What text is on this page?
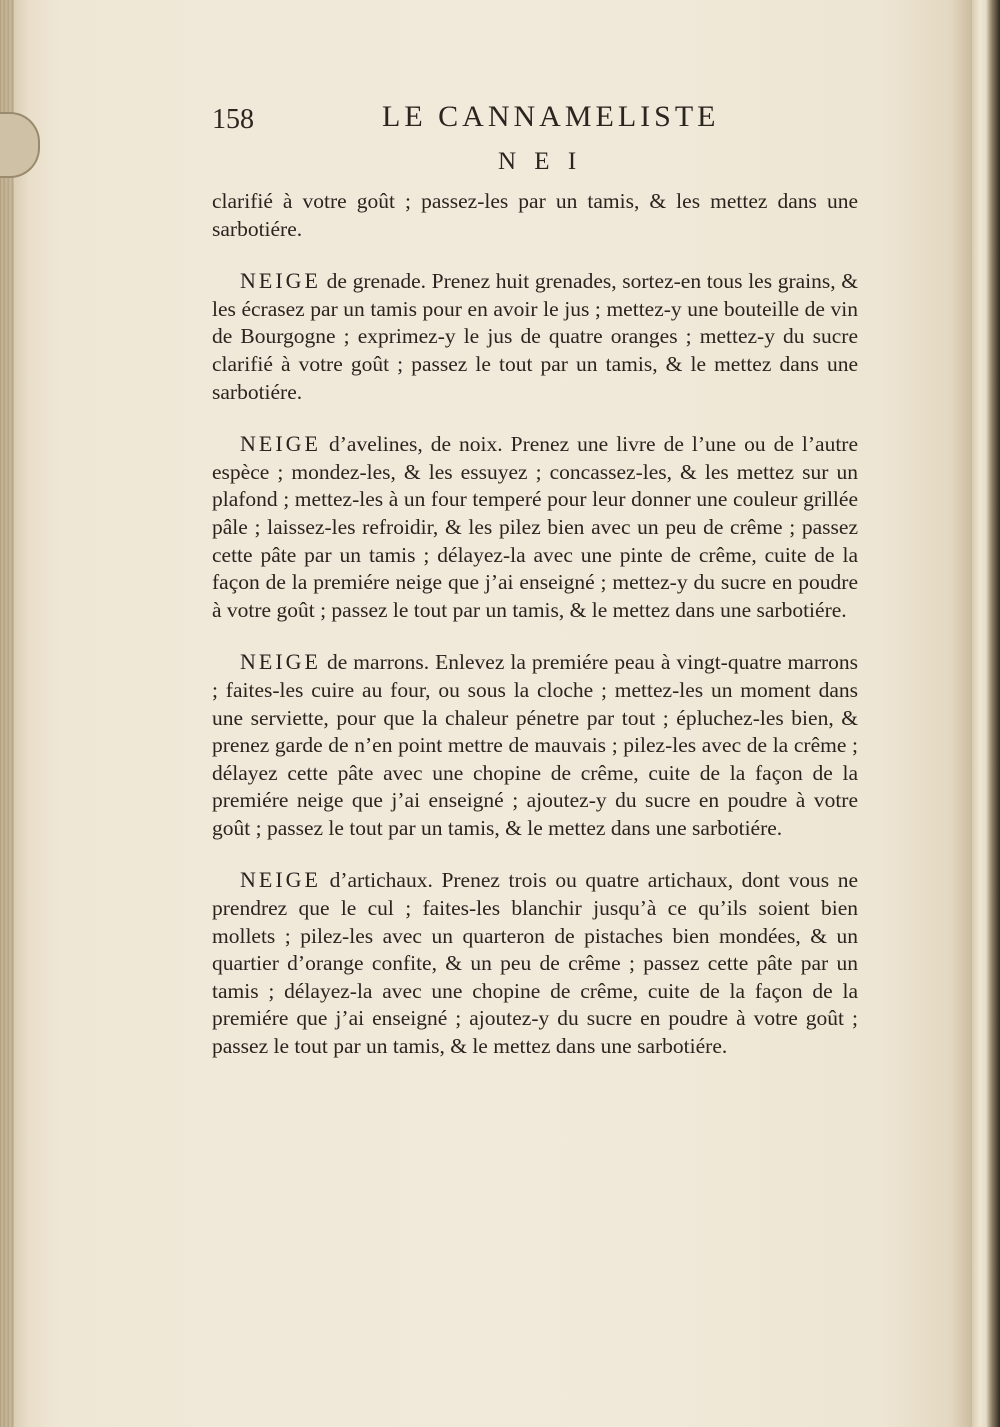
158	LE CANNAMELISTE
N E I

clarifié à votre goût ; passez-les par un tamis, & les mettez dans une sarbotiére.

NEIGE de grenade. Prenez huit grenades, sortez-en tous les grains, & les écrasez par un tamis pour en avoir le jus ; mettez-y une bouteille de vin de Bourgogne ; exprimez-y le jus de quatre oranges ; mettez-y du sucre clarifié à votre goût ; passez le tout par un tamis, & le mettez dans une sarbotiére.

NEIGE d’avelines, de noix. Prenez une livre de l’une ou de l’autre espèce ; mondez-les, & les essuyez ; concassez-les, & les mettez sur un plafond ; mettez-les à un four temperé pour leur donner une couleur grillée pâle ; laissez-les refroidir, & les pilez bien avec un peu de crême ; passez cette pâte par un tamis ; délayez-la avec une pinte de crême, cuite de la façon de la premiére neige que j’ai enseigné ; mettez-y du sucre en poudre à votre goût ; passez le tout par un tamis, & le mettez dans une sarbotiére.

NEIGE de marrons. Enlevez la premiére peau à vingt-quatre marrons ; faites-les cuire au four, ou sous la cloche ; mettez-les un moment dans une serviette, pour que la chaleur pénetre par tout ; épluchez-les bien, & prenez garde de n’en point mettre de mauvais ; pilez-les avec de la crême ; délayez cette pâte avec une chopine de crême, cuite de la façon de la premiére neige que j’ai enseigné ; ajoutez-y du sucre en poudre à votre goût ; passez le tout par un tamis, & le mettez dans une sarbotiére.

NEIGE d’artichaux. Prenez trois ou quatre artichaux, dont vous ne prendrez que le cul ; faites-les blanchir jusqu’à ce qu’ils soient bien mollets ; pilez-les avec un quarteron de pistaches bien mondées, & un quartier d’orange confite, & un peu de crême ; passez cette pâte par un tamis ; délayez-la avec une chopine de crême, cuite de la façon de la premiére que j’ai enseigné ; ajoutez-y du sucre en poudre à votre goût ; passez le tout par un tamis, & le mettez dans une sarbotiére.
